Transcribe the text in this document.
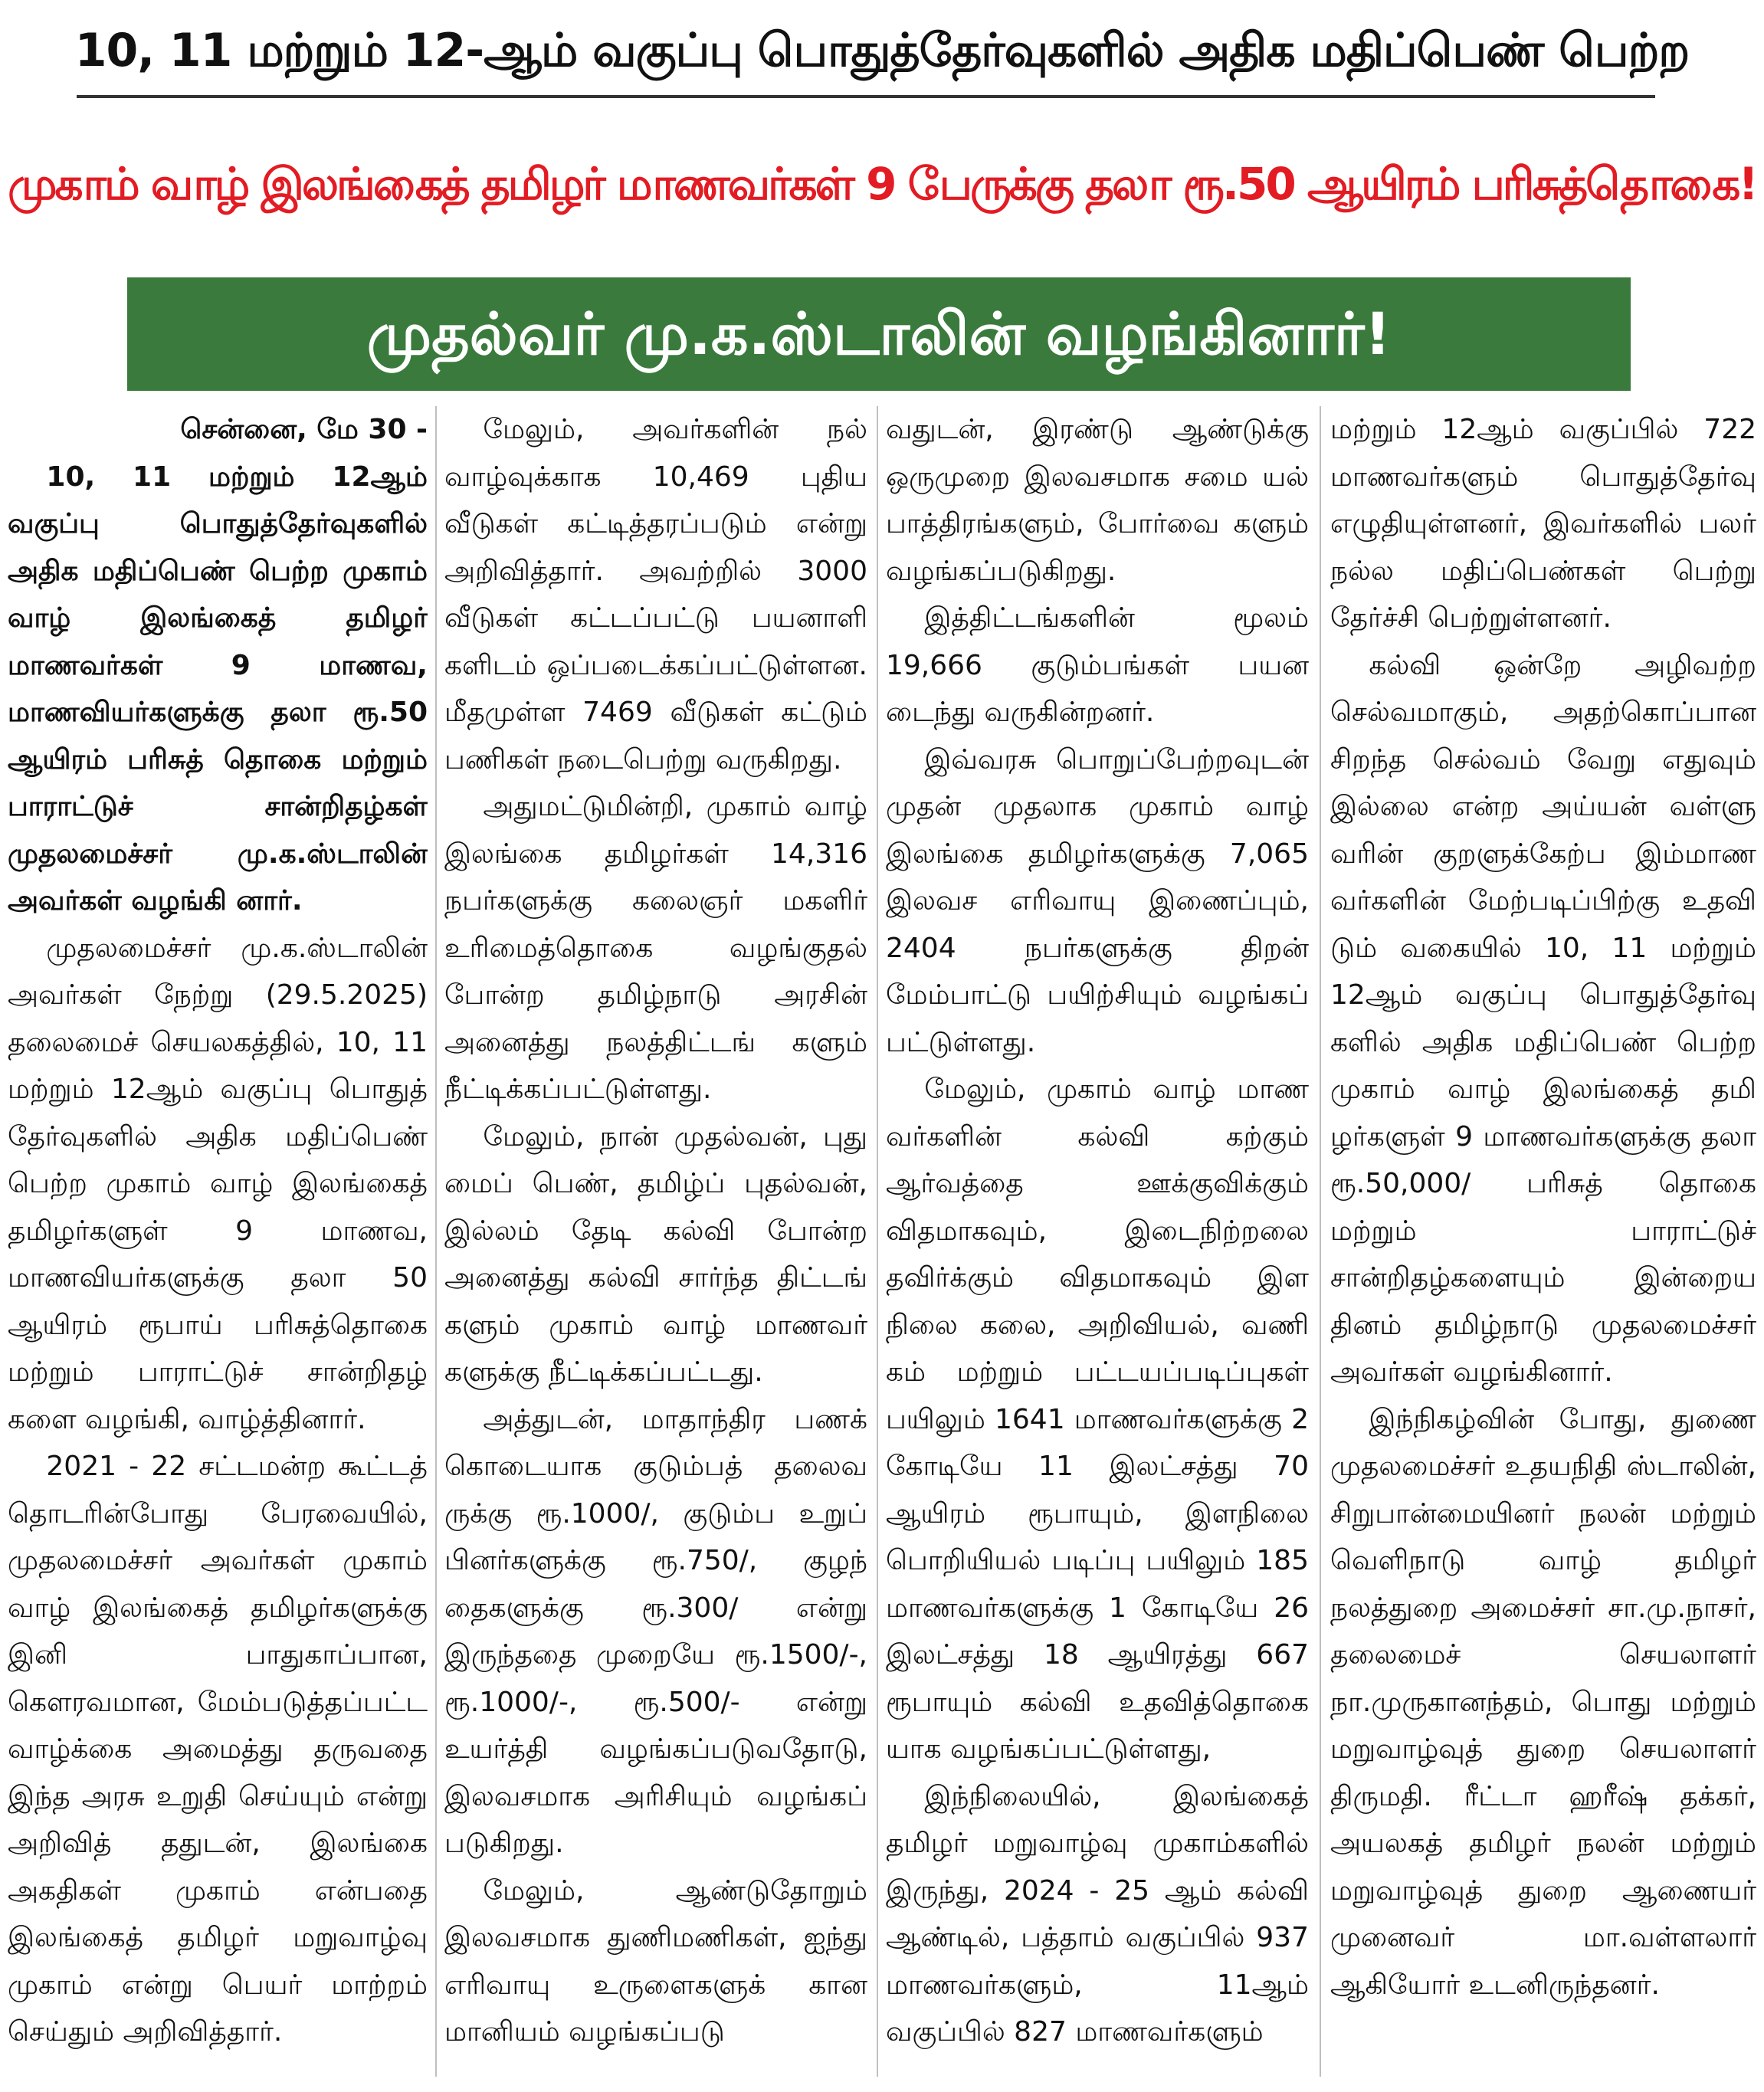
10, 11 மற்றும் 12-ஆம் வகுப்பு பொதுத்தேர்வுகளில் அதிக மதிப்பெண் பெற்ற
முகாம் வாழ் இலங்கைத் தமிழர் மாணவர்கள் 9 பேருக்கு தலா ரூ.50 ஆயிரம் பரிசுத்தொகை!
முதல்வர் மு.க.ஸ்டாலின் வழங்கினார்!

சென்னை, மே 30 -

10, 11 மற்றும் 12ஆம் வகுப்பு பொதுத்தேர்வுகளில் அதிக மதிப்பெண் பெற்ற முகாம் வாழ் இலங்கைத் தமிழர் மாணவர்கள் 9 மாணவ, மாணவியர்களுக்கு தலா ரூ.50 ஆயிரம் பரிசுத் தொகை மற்றும் பாராட்டுச் சான்றிதழ்கள் முதலமைச்சர் மு.க.ஸ்டாலின் அவர்கள் வழங்கி னார்.

முதலமைச்சர் மு.க.ஸ்டாலின் அவர்கள் நேற்று (29.5.2025) தலைமைச் செயலகத்தில், 10, 11 மற்றும் 12ஆம் வகுப்பு பொதுத் தேர்வுகளில் அதிக மதிப்பெண் பெற்ற முகாம் வாழ் இலங்கைத் தமிழர்களுள் 9 மாணவ, மாணவியர்களுக்கு தலா 50 ஆயிரம் ரூபாய் பரிசுத்தொகை மற்றும் பாராட்டுச் சான்றிதழ் களை வழங்கி, வாழ்த்தினார்.

2021 - 22 சட்டமன்ற கூட்டத் தொடரின்போது பேரவையில், முதலமைச்சர் அவர்கள் முகாம் வாழ் இலங்கைத் தமிழர்களுக்கு இனி பாதுகாப்பான, கௌரவமான, மேம்படுத்தப்பட்ட வாழ்க்கை அமைத்து தருவதை இந்த அரசு உறுதி செய்யும் என்று அறிவித் ததுடன், இலங்கை அகதிகள் முகாம் என்பதை இலங்கைத் தமிழர் மறுவாழ்வு முகாம் என்று பெயர் மாற்றம் செய்தும் அறிவித்தார்.

மேலும், அவர்களின் நல் வாழ்வுக்காக 10,469 புதிய வீடுகள் கட்டித்தரப்படும் என்று அறிவித்தார். அவற்றில் 3000 வீடுகள் கட்டப்பட்டு பயனாளி களிடம் ஒப்படைக்கப்பட்டுள்ளன. மீதமுள்ள 7469 வீடுகள் கட்டும் பணிகள் நடைபெற்று வருகிறது.

அதுமட்டுமின்றி, முகாம் வாழ் இலங்கை தமிழர்கள் 14,316 நபர்களுக்கு கலைஞர் மகளிர் உரிமைத்தொகை வழங்குதல் போன்ற தமிழ்நாடு அரசின் அனைத்து நலத்திட்டங் களும் நீட்டிக்கப்பட்டுள்ளது.

மேலும், நான் முதல்வன், புது மைப் பெண், தமிழ்ப் புதல்வன், இல்லம் தேடி கல்வி போன்ற அனைத்து கல்வி சார்ந்த திட்டங் களும் முகாம் வாழ் மாணவர் களுக்கு நீட்டிக்கப்பட்டது.

அத்துடன், மாதாந்திர பணக் கொடையாக குடும்பத் தலைவ ருக்கு ரூ.1000/, குடும்ப உறுப் பினர்களுக்கு ரூ.750/, குழந் தைகளுக்கு ரூ.300/ என்று இருந்ததை முறையே ரூ.1500/-, ரூ.1000/-, ரூ.500/- என்று உயர்த்தி வழங்கப்படுவதோடு, இலவசமாக அரிசியும் வழங்கப் படுகிறது.

மேலும், ஆண்டுதோறும் இலவசமாக துணிமணிகள், ஐந்து எரிவாயு உருளைகளுக் கான மானியம் வழங்கப்படு

வதுடன், இரண்டு ஆண்டுக்கு ஒருமுறை இலவசமாக சமை யல் பாத்திரங்களும், போர்வை களும் வழங்கப்படுகிறது.

இத்திட்டங்களின் மூலம் 19,666 குடும்பங்கள் பயன டைந்து வருகின்றனர்.

இவ்வரசு பொறுப்பேற்றவுடன் முதன் முதலாக முகாம் வாழ் இலங்கை தமிழர்களுக்கு 7,065 இலவச எரிவாயு இணைப்பும், 2404 நபர்களுக்கு திறன் மேம்பாட்டு பயிற்சியும் வழங்கப் பட்டுள்ளது.

மேலும், முகாம் வாழ் மாண வர்களின் கல்வி கற்கும் ஆர்வத்தை ஊக்குவிக்கும் விதமாகவும், இடைநிற்றலை தவிர்க்கும் விதமாகவும் இள நிலை கலை, அறிவியல், வணி கம் மற்றும் பட்டயப்படிப்புகள் பயிலும் 1641 மாணவர்களுக்கு 2 கோடியே 11 இலட்சத்து 70 ஆயிரம் ரூபாயும், இளநிலை பொறியியல் படிப்பு பயிலும் 185 மாணவர்களுக்கு 1 கோடியே 26 இலட்சத்து 18 ஆயிரத்து 667 ரூபாயும் கல்வி உதவித்தொகை யாக வழங்கப்பட்டுள்ளது,

இந்நிலையில், இலங்கைத் தமிழர் மறுவாழ்வு முகாம்களில் இருந்து, 2024 - 25 ஆம் கல்வி ஆண்டில், பத்தாம் வகுப்பில் 937 மாணவர்களும், 11ஆம் வகுப்பில் 827 மாணவர்களும்

மற்றும் 12ஆம் வகுப்பில் 722 மாணவர்களும் பொதுத்தேர்வு எழுதியுள்ளனர், இவர்களில் பலர் நல்ல மதிப்பெண்கள் பெற்று தேர்ச்சி பெற்றுள்ளனர்.

கல்வி ஒன்றே அழிவற்ற செல்வமாகும், அதற்கொப்பான சிறந்த செல்வம் வேறு எதுவும் இல்லை என்ற அய்யன் வள்ளு வரின் குறளுக்கேற்ப இம்மாண வர்களின் மேற்படிப்பிற்கு உதவி டும் வகையில் 10, 11 மற்றும் 12ஆம் வகுப்பு பொதுத்தேர்வு களில் அதிக மதிப்பெண் பெற்ற முகாம் வாழ் இலங்கைத் தமி ழர்களுள் 9 மாணவர்களுக்கு தலா ரூ.50,000/ பரிசுத் தொகை மற்றும் பாராட்டுச் சான்றிதழ்களையும் இன்றைய தினம் தமிழ்நாடு முதலமைச்சர் அவர்கள் வழங்கினார்.

இந்நிகழ்வின் போது, துணை முதலமைச்சர் உதயநிதி ஸ்டாலின், சிறுபான்மையினர் நலன் மற்றும் வெளிநாடு வாழ் தமிழர் நலத்துறை அமைச்சர் சா.மு.நாசர், தலைமைச் செயலாளர் நா.முருகானந்தம், பொது மற்றும் மறுவாழ்வுத் துறை செயலாளர் திருமதி. ரீட்டா ஹரீஷ் தக்கர், அயலகத் தமிழர் நலன் மற்றும் மறுவாழ்வுத் துறை ஆணையர் முனைவர் மா.வள்ளலார் ஆகியோர் உடனிருந்தனர்.
